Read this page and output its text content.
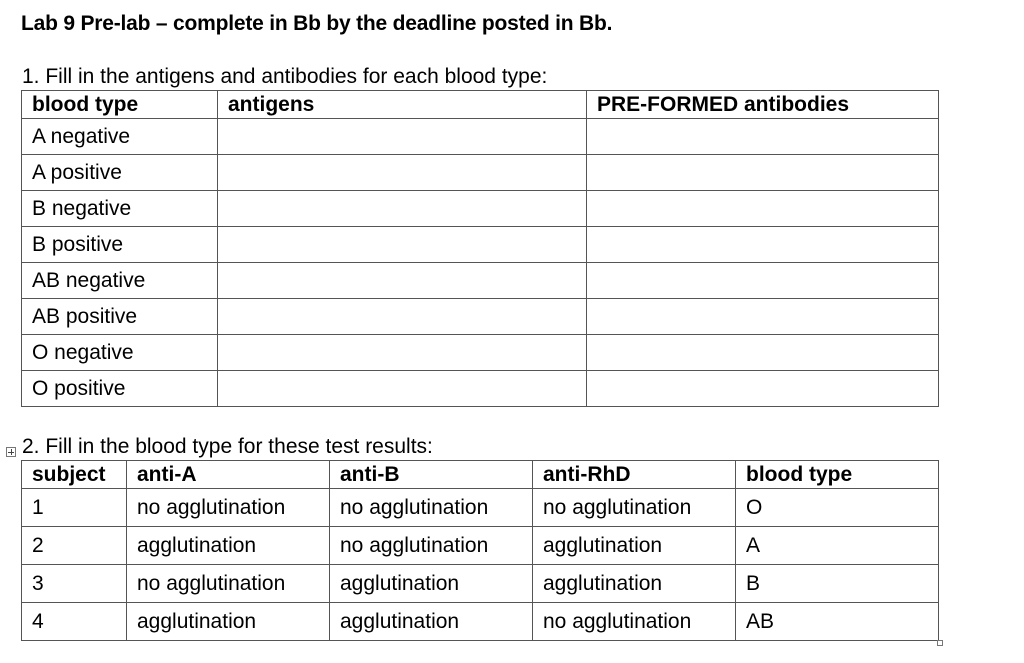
Lab 9 Pre-lab – complete in Bb by the deadline posted in Bb.
1. Fill in the antigens and antibodies for each blood type:
blood type	antigens	PRE-FORMED antibodies
A negative		
A positive		
B negative		
B positive		
AB negative		
AB positive		
O negative		
O positive		
2. Fill in the blood type for these test results:
subject	anti-A	anti-B	anti-RhD	blood type
1	no agglutination	no agglutination	no agglutination	O
2	agglutination	no agglutination	agglutination	A
3	no agglutination	agglutination	agglutination	B
4	agglutination	agglutination	no agglutination	AB
